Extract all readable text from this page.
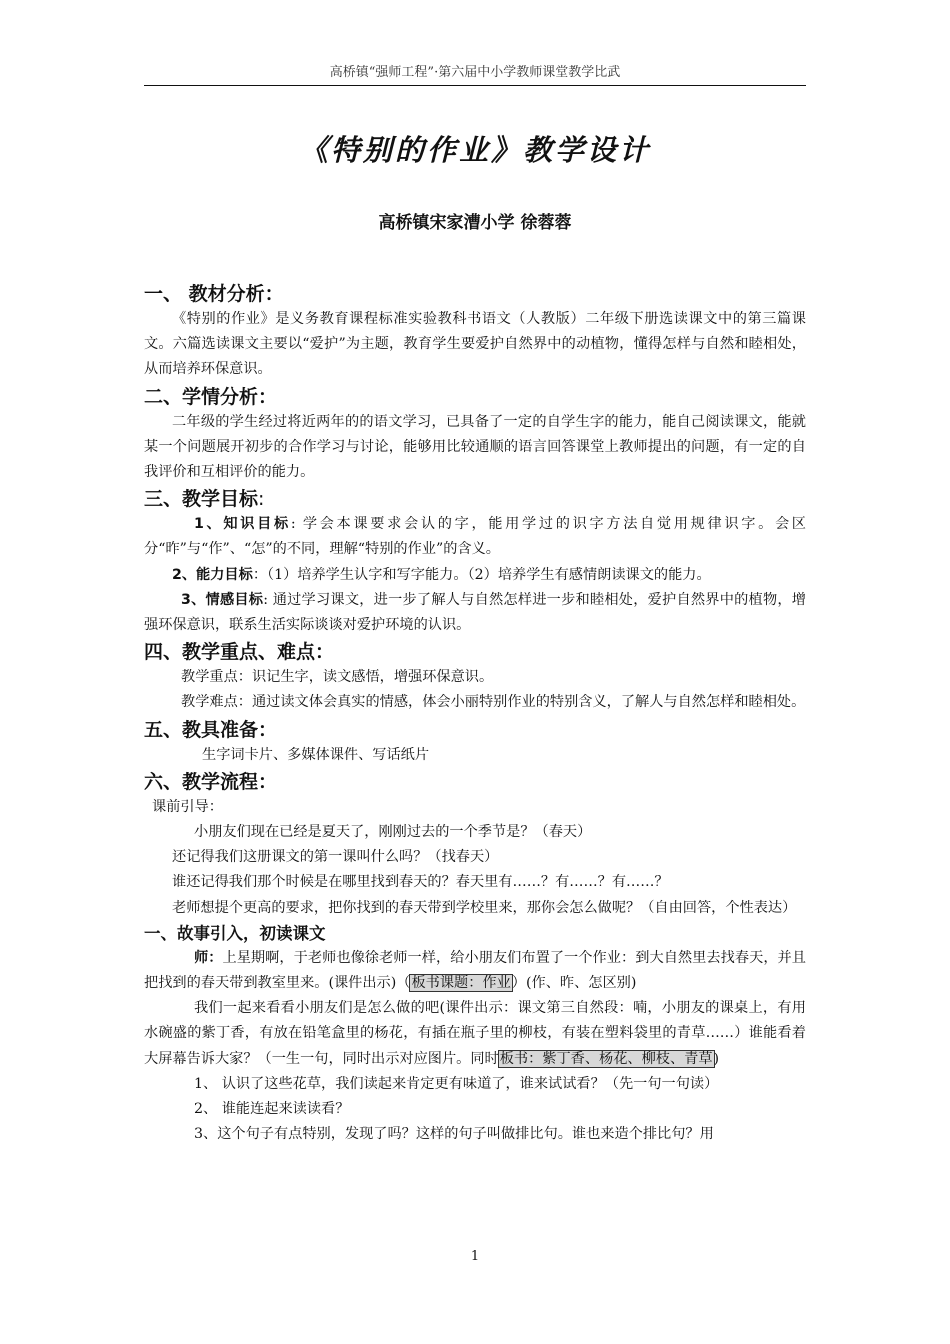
高桥镇“强师工程”·第六届中小学教师课堂教学比武
《特别的作业》教学设计
高桥镇宋家漕小学 徐蓉蓉
一、 教材分析：

《特别的作业》是义务教育课程标准实验教科书语文（人教版）二年级下册选读课文中的第三篇课文。六篇选读课文主要以“爱护”为主题，教育学生要爱护自然界中的动植物，懂得怎样与自然和睦相处，从而培养环保意识。

二、学情分析：

二年级的学生经过将近两年的的语文学习，已具备了一定的自学生字的能力，能自己阅读课文，能就某一个问题展开初步的合作学习与讨论，能够用比较通顺的语言回答课堂上教师提出的问题，有一定的自我评价和互相评价的能力。

三、教学目标:

1、知识目标: 学会本课要求会认的字，能用学过的识字方法自觉用规律识字。会区分“昨”与“作”、“怎”的不同，理解“特别的作业”的含义。

2、能力目标：（1）培养学生认字和写字能力。（2）培养学生有感情朗读课文的能力。

3、情感目标: 通过学习课文，进一步了解人与自然怎样进一步和睦相处，爱护自然界中的植物，增强环保意识，联系生活实际谈谈对爱护环境的认识。

四、教学重点、难点：

教学重点：识记生字，读文感悟，增强环保意识。

教学难点：通过读文体会真实的情感，体会小丽特别作业的特别含义，了解人与自然怎样和睦相处。

五、教具准备：

生字词卡片、多媒体课件、写话纸片

六、教学流程：

课前引导：

小朋友们现在已经是夏天了，刚刚过去的一个季节是？（春天）

还记得我们这册课文的第一课叫什么吗？（找春天）

谁还记得我们那个时候是在哪里找到春天的？春天里有……？有……？有……？

老师想提个更高的要求，把你找到的春天带到学校里来，那你会怎么做呢？（自由回答，个性表达）

一、故事引入，初读课文

师：上星期啊，于老师也像徐老师一样，给小朋友们布置了一个作业：到大自然里去找春天，并且把找到的春天带到教室里来。(课件出示)（板书课题：作业）(作、昨、怎区别)

我们一起来看看小朋友们是怎么做的吧(课件出示：课文第三自然段：喃，小朋友的课桌上，有用水碗盛的紫丁香，有放在铅笔盒里的杨花，有插在瓶子里的柳枝，有装在塑料袋里的青草……）谁能看着大屏幕告诉大家？（一生一句，同时出示对应图片。同时板书：紫丁香、杨花、柳枝、青草)

1、 认识了这些花草，我们读起来肯定更有味道了，谁来试试看？（先一句一句读）

2、 谁能连起来读读看？

3、这个句子有点特别，发现了吗？这样的句子叫做排比句。谁也来造个排比句？用

1
